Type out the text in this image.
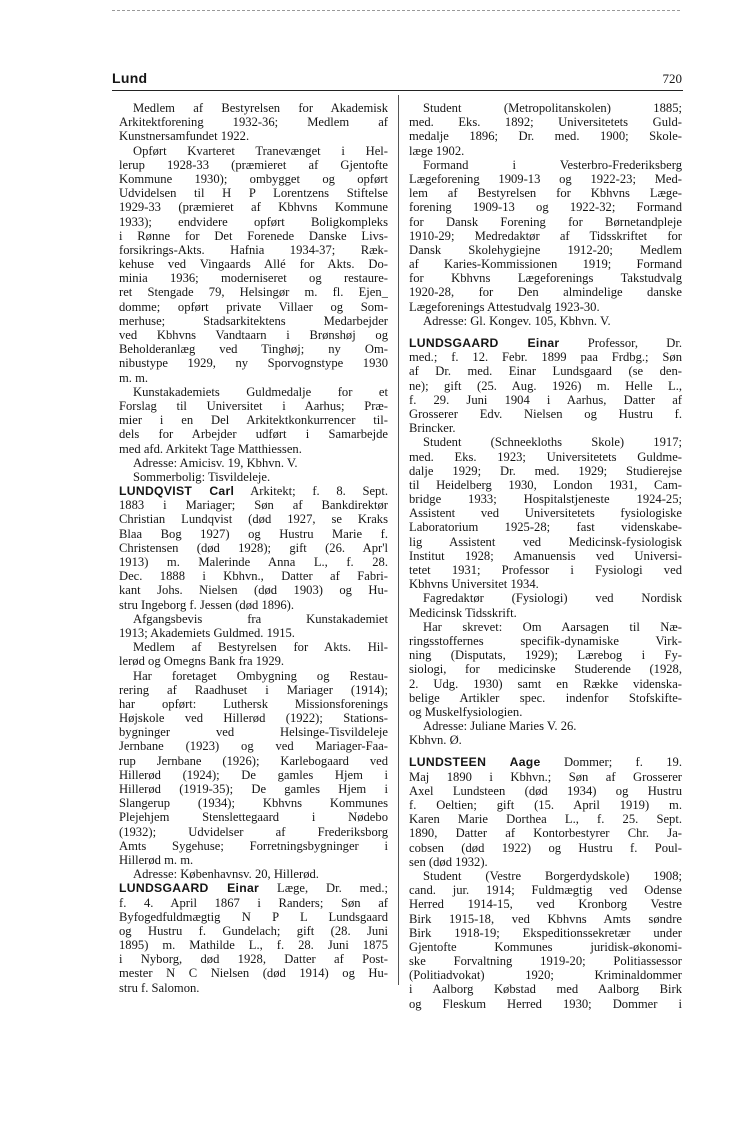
Lund	720
Medlem af Bestyrelsen for Akademisk
Arkitektforening 1932-36; Medlem af
Kunstnersamfundet 1922.
Opført Kvarteret Tranevænget i Hel-
lerup 1928-33 (præmieret af Gjentofte
Kommune 1930); ombygget og opført
Udvidelsen til H P Lorentzens Stiftelse
1929-33 (præmieret af Kbhvns Kommune
1933); endvidere opført Boligkompleks
i Rønne for Det Forenede Danske Livs-
forsikrings-Akts. Hafnia 1934-37; Ræk-
kehuse ved Vingaards Allé for Akts. Do-
minia 1936; moderniseret og restaure-
ret Stengade 79, Helsingør m. fl. Ejen_
domme; opført private Villaer og Som-
merhuse; Stadsarkitektens Medarbejder
ved Kbhvns Vandtaarn i Brønshøj og
Beholderanlæg ved Tinghøj; ny Om-
nibustype 1929, ny Sporvognstype 1930
m. m.
Kunstakademiets Guldmedalje for et
Forslag til Universitet i Aarhus; Præ-
mier i en Del Arkitektkonkurrencer til-
dels for Arbejder udført i Samarbejde
med afd. Arkitekt Tage Matthiessen.
Adresse: Amicisv. 19, Kbhvn. V.
Sommerbolig: Tisvildeleje.
LUNDQVIST Carl Arkitekt; f. 8. Sept.
1883 i Mariager; Søn af Bankdirektør
Christian Lundqvist (død 1927, se Kraks
Blaa Bog 1927) og Hustru Marie f.
Christensen (død 1928); gift (26. Apr'l
1913) m. Malerinde Anna L., f. 28.
Dec. 1888 i Kbhvn., Datter af Fabri-
kant Johs. Nielsen (død 1903) og Hu-
stru Ingeborg f. Jessen (død 1896).
Afgangsbevis fra Kunstakademiet
1913; Akademiets Guldmed. 1915.
Medlem af Bestyrelsen for Akts. Hil-
lerød og Omegns Bank fra 1929.
Har foretaget Ombygning og Restau-
rering af Raadhuset i Mariager (1914);
har opført: Luthersk Missionsforenings
Højskole ved Hillerød (1922); Stations-
bygninger ved Helsinge-Tisvildeleje
Jernbane (1923) og ved Mariager-Faa-
rup Jernbane (1926); Karlebogaard ved
Hillerød (1924); De gamles Hjem i
Hillerød (1919-35); De gamles Hjem i
Slangerup (1934); Kbhvns Kommunes
Plejehjem Stenslettegaard i Nødebo
(1932); Udvidelser af Frederiksborg
Amts Sygehuse; Forretningsbygninger i
Hillerød m. m.
Adresse: Københavnsv. 20, Hillerød.
LUNDSGAARD Einar Læge, Dr. med.;
f. 4. April 1867 i Randers; Søn af
Byfogedfuldmægtig N P L Lundsgaard
og Hustru f. Gundelach; gift (28. Juni
1895) m. Mathilde L., f. 28. Juni 1875
i Nyborg, død 1928, Datter af Post-
mester N C Nielsen (død 1914) og Hu-
stru f. Salomon.
Student (Metropolitanskolen) 1885;
med. Eks. 1892; Universitetets Guld-
medalje 1896; Dr. med. 1900; Skole-
læge 1902.
Formand i Vesterbro-Frederiksberg
Lægeforening 1909-13 og 1922-23; Med-
lem af Bestyrelsen for Kbhvns Læge-
forening 1909-13 og 1922-32; Formand
for Dansk Forening for Børnetandpleje
1910-29; Medredaktør af Tidsskriftet for
Dansk Skolehygiejne 1912-20; Medlem
af Karies-Kommissionen 1919; Formand
for Kbhvns Lægeforenings Takstudvalg
1920-28, for Den almindelige danske
Lægeforenings Attestudvalg 1923-30.
Adresse: Gl. Kongev. 105, Kbhvn. V.
LUNDSGAARD Einar Professor, Dr.
med.; f. 12. Febr. 1899 paa Frdbg.; Søn
af Dr. med. Einar Lundsgaard (se den-
ne); gift (25. Aug. 1926) m. Helle L.,
f. 29. Juni 1904 i Aarhus, Datter af
Grosserer Edv. Nielsen og Hustru f.
Brincker.
Student (Schneekloths Skole) 1917;
med. Eks. 1923; Universitetets Guldme-
dalje 1929; Dr. med. 1929; Studierejse
til Heidelberg 1930, London 1931, Cam-
bridge 1933; Hospitalstjeneste 1924-25;
Assistent ved Universitetets fysiologiske
Laboratorium 1925-28; fast videnskabe-
lig Assistent ved Medicinsk-fysiologisk
Institut 1928; Amanuensis ved Universi-
tetet 1931; Professor i Fysiologi ved
Kbhvns Universitet 1934.
Fagredaktør (Fysiologi) ved Nordisk
Medicinsk Tidsskrift.
Har skrevet: Om Aarsagen til Næ-
ringsstoffernes specifik-dynamiske Virk-
ning (Disputats, 1929); Lærebog i Fy-
siologi, for medicinske Studerende (1928,
2. Udg. 1930) samt en Række videnska-
belige Artikler spec. indenfor Stofskifte-
og Muskelfysiologien.
Adresse: Juliane Maries V. 26.
Kbhvn. Ø.
LUNDSTEEN Aage Dommer; f. 19.
Maj 1890 i Kbhvn.; Søn af Grosserer
Axel Lundsteen (død 1934) og Hustru
f. Oeltien; gift (15. April 1919) m.
Karen Marie Dorthea L., f. 25. Sept.
1890, Datter af Kontorbestyrer Chr. Ja-
cobsen (død 1922) og Hustru f. Poul-
sen (død 1932).
Student (Vestre Borgerdydskole) 1908;
cand. jur. 1914; Fuldmægtig ved Odense
Herred 1914-15, ved Kronborg Vestre
Birk 1915-18, ved Kbhvns Amts søndre
Birk 1918-19; Ekspeditionssekretær under
Gjentofte Kommunes juridisk-økonomi-
ske Forvaltning 1919-20; Politiassessor
(Politiadvokat) 1920; Kriminaldommer
i Aalborg Købstad med Aalborg Birk
og Fleskum Herred 1930; Dommer i
